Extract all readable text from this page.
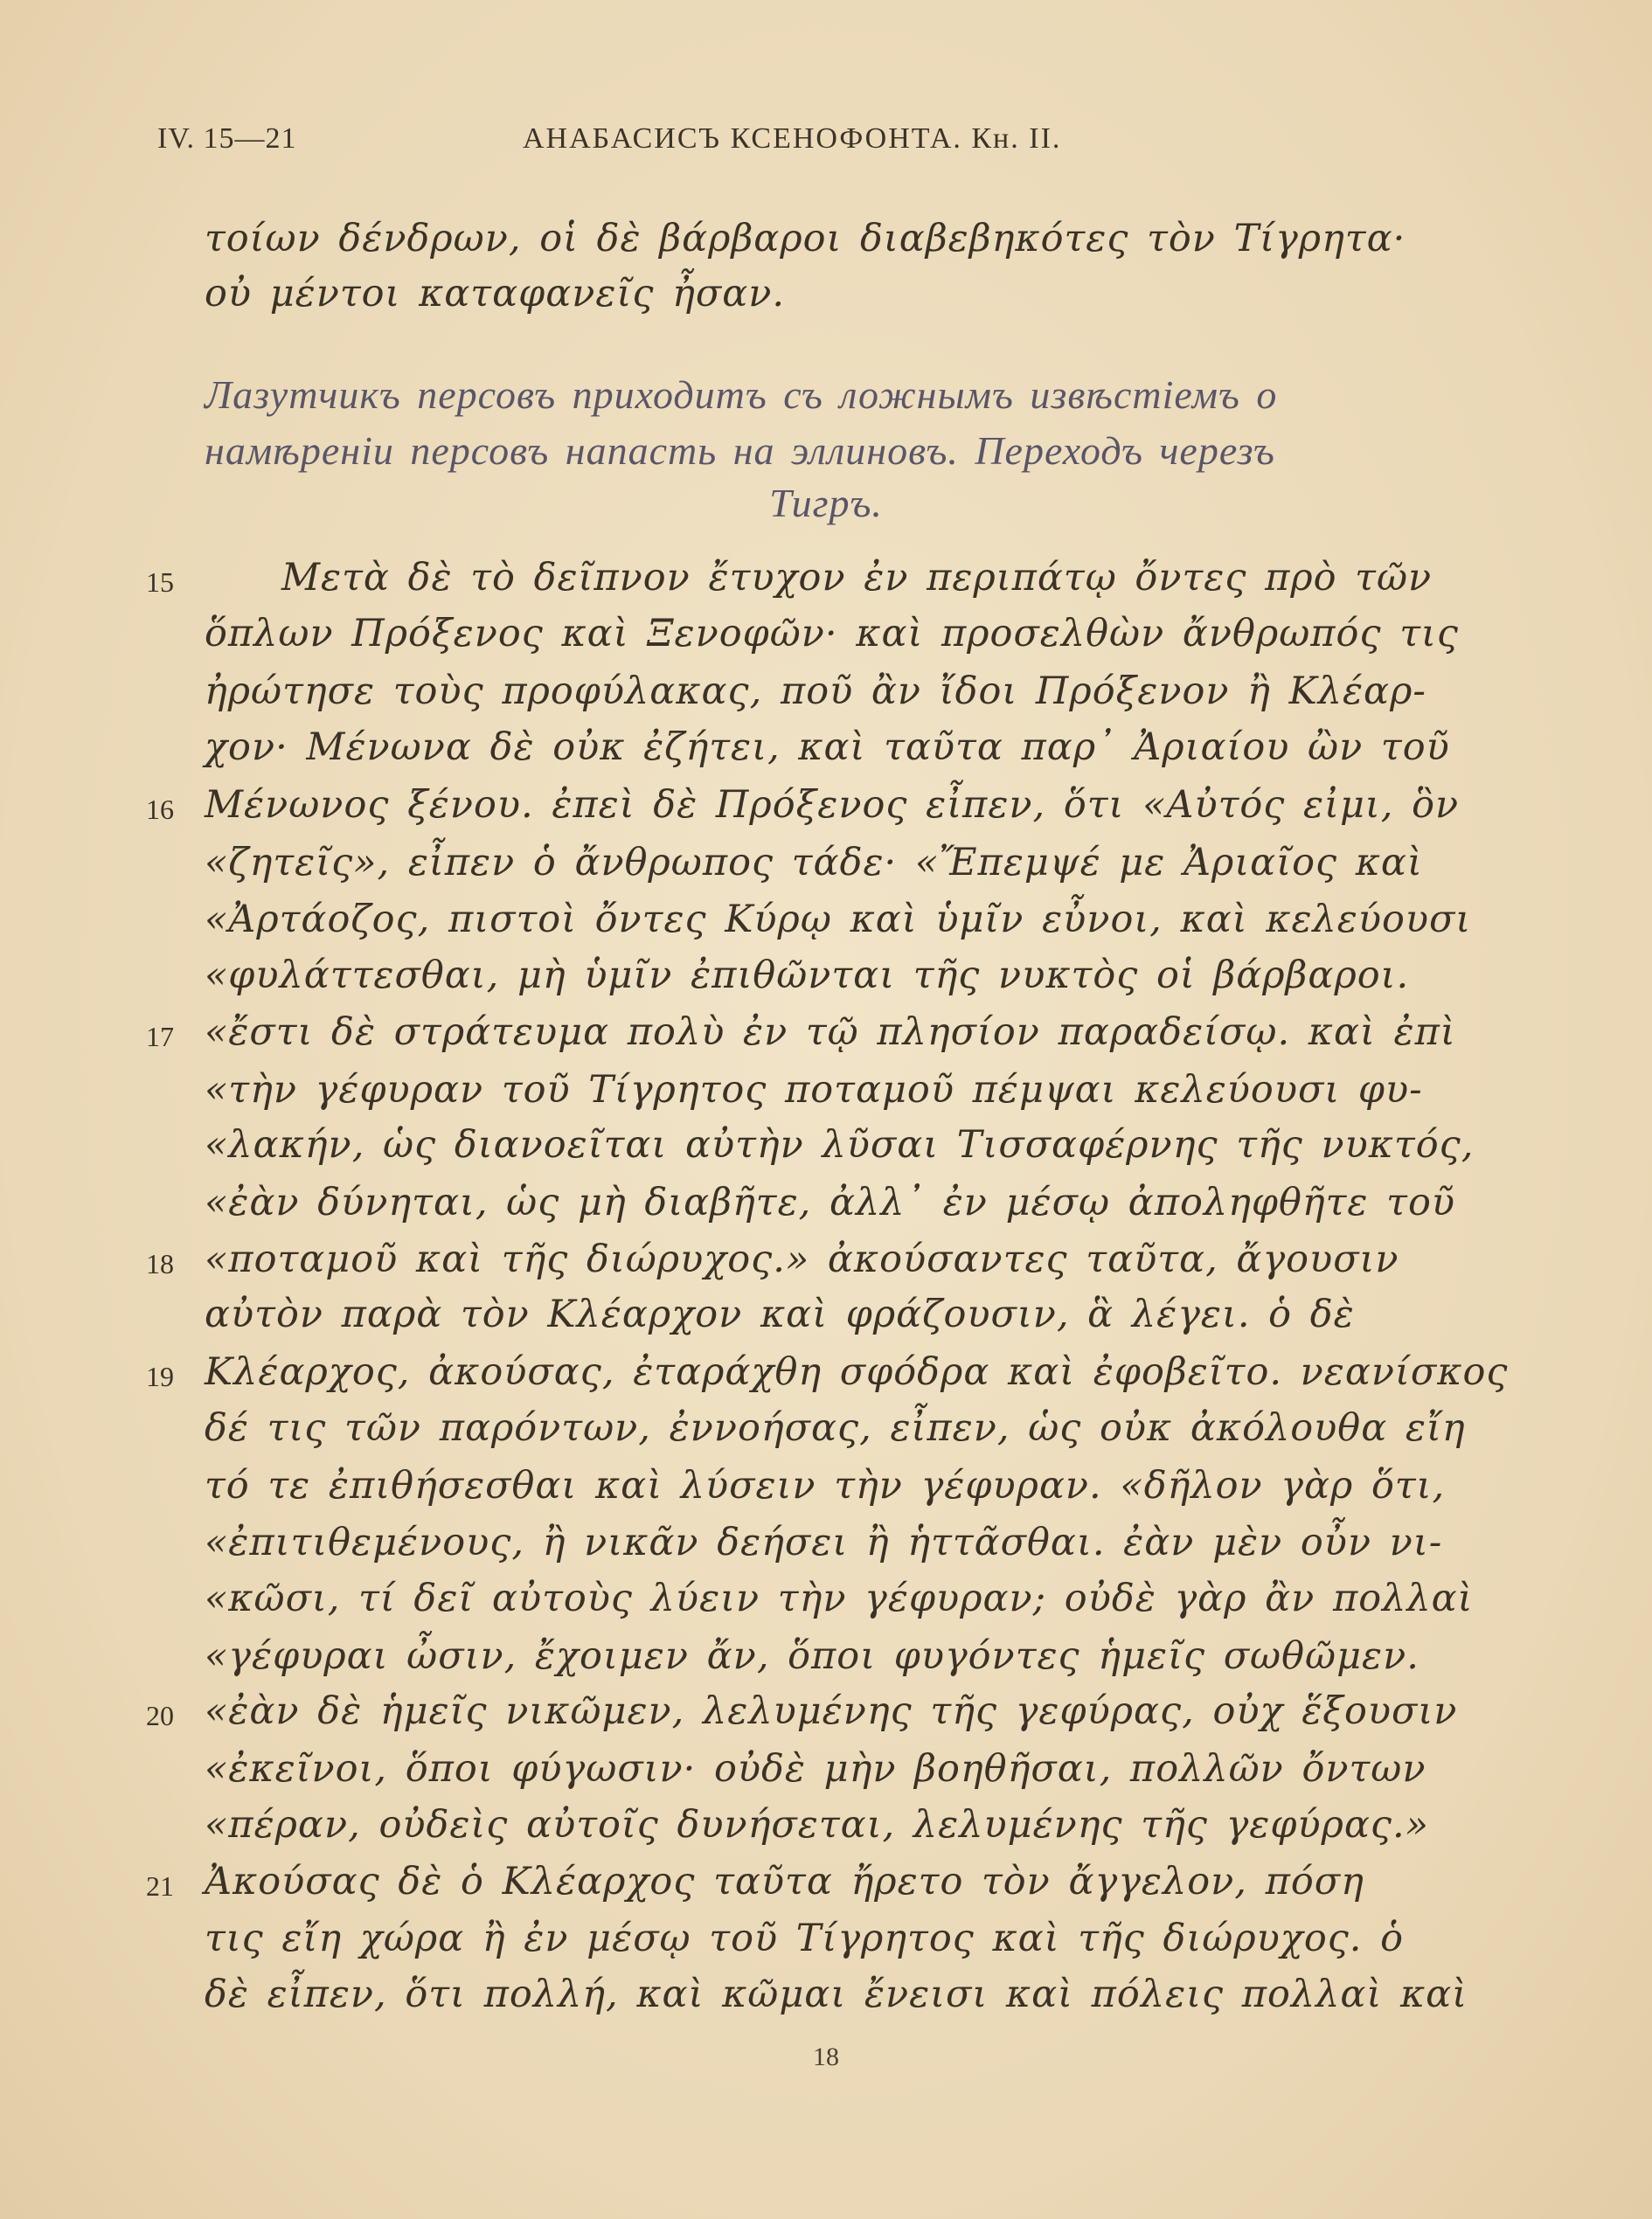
IV. 15—21	АНАБАСИСЪ КСЕНОФОНТА. Кн. II.
τοίων δένδρων, οἱ δὲ βάρβαροι διαβεβηκότες τὸν Τίγρητα·
οὐ μέντοι καταφανεῖς ἦσαν.
Лазутчикъ персовъ приходитъ съ ложнымъ извѣстіемъ о
намѣреніи персовъ напасть на эллиновъ. Переходъ черезъ
Тигръ.
Μετὰ δὲ τὸ δεῖπνον ἔτυχον ἐν περιπάτῳ ὄντες πρὸ τῶν
ὅπλων Πρόξενος καὶ Ξενοφῶν· καὶ προσελθὼν ἄνθρωπός τις
ἠρώτησε τοὺς προφύλακας, ποῦ ἂν ἴδοι Πρόξενον ἢ Κλέαρ-
χον· Μένωνα δὲ οὐκ ἐζήτει, καὶ ταῦτα παρ᾽ Ἀριαίου ὢν τοῦ
Μένωνος ξένου. ἐπεὶ δὲ Πρόξενος εἶπεν, ὅτι «Αὐτός εἰμι, ὃν
«ζητεῖς», εἶπεν ὁ ἄνθρωπος τάδε· «Ἔπεμψέ με Ἀριαῖος καὶ
«Ἀρτάοζος, πιστοὶ ὄντες Κύρῳ καὶ ὑμῖν εὖνοι, καὶ κελεύουσι
«φυλάττεσθαι, μὴ ὑμῖν ἐπιθῶνται τῆς νυκτὸς οἱ βάρβαροι.
«ἔστι δὲ στράτευμα πολὺ ἐν τῷ πλησίον παραδείσῳ. καὶ ἐπὶ
«τὴν γέφυραν τοῦ Τίγρητος ποταμοῦ πέμψαι κελεύουσι φυ-
«λακήν, ὡς διανοεῖται αὐτὴν λῦσαι Τισσαφέρνης τῆς νυκτός,
«ἐὰν δύνηται, ὡς μὴ διαβῆτε, ἀλλ᾽ ἐν μέσῳ ἀποληφθῆτε τοῦ
«ποταμοῦ καὶ τῆς διώρυχος.» ἀκούσαντες ταῦτα, ἄγουσιν
αὐτὸν παρὰ τὸν Κλέαρχον καὶ φράζουσιν, ἃ λέγει. ὁ δὲ
Κλέαρχος, ἀκούσας, ἐταράχθη σφόδρα καὶ ἐφοβεῖτο. νεανίσκος
δέ τις τῶν παρόντων, ἐννοήσας, εἶπεν, ὡς οὐκ ἀκόλουθα εἴη
τό τε ἐπιθήσεσθαι καὶ λύσειν τὴν γέφυραν. «δῆλον γὰρ ὅτι,
«ἐπιτιθεμένους, ἢ νικᾶν δεήσει ἢ ἡττᾶσθαι. ἐὰν μὲν οὖν νι-
«κῶσι, τί δεῖ αὐτοὺς λύειν τὴν γέφυραν; οὐδὲ γὰρ ἂν πολλαὶ
«γέφυραι ὦσιν, ἔχοιμεν ἄν, ὅποι φυγόντες ἡμεῖς σωθῶμεν.
«ἐὰν δὲ ἡμεῖς νικῶμεν, λελυμένης τῆς γεφύρας, οὐχ ἕξουσιν
«ἐκεῖνοι, ὅποι φύγωσιν· οὐδὲ μὴν βοηθῆσαι, πολλῶν ὄντων
«πέραν, οὐδεὶς αὐτοῖς δυνήσεται, λελυμένης τῆς γεφύρας.»
Ἀκούσας δὲ ὁ Κλέαρχος ταῦτα ἤρετο τὸν ἄγγελον, πόση
τις εἴη χώρα ἢ ἐν μέσῳ τοῦ Τίγρητος καὶ τῆς διώρυχος. ὁ
δὲ εἶπεν, ὅτι πολλή, καὶ κῶμαι ἔνεισι καὶ πόλεις πολλαὶ καὶ
15
16
17
18
19
20
21
18
